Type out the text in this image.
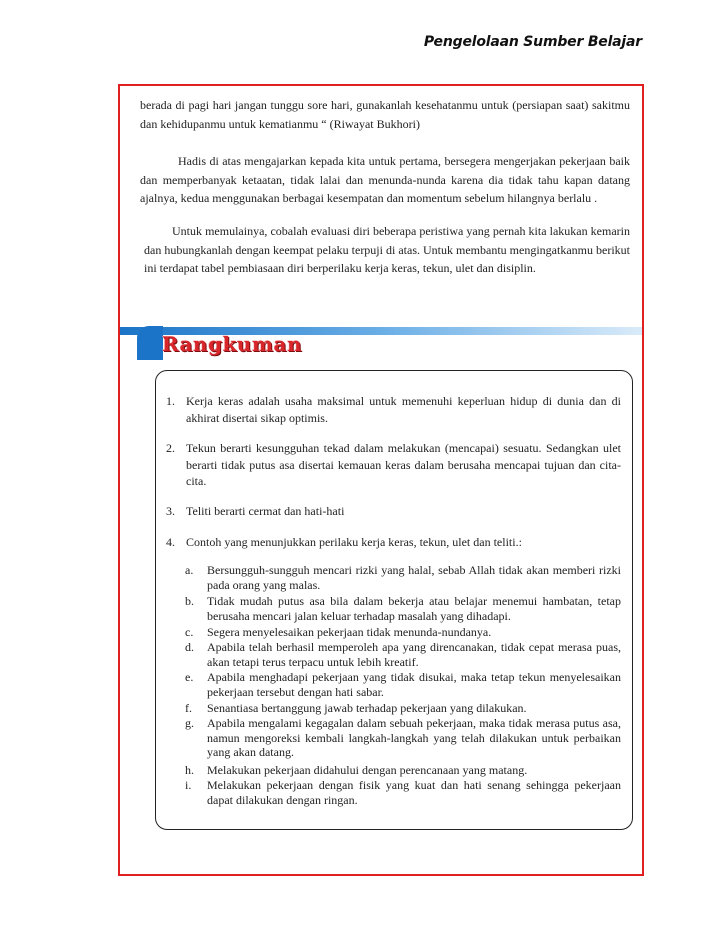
Pengelolaan Sumber Belajar

berada di pagi hari jangan tunggu sore hari, gunakanlah kesehatanmu untuk (persiapan saat) sakitmu dan kehidupanmu untuk kematianmu “ (Riwayat Bukhori)

Hadis di atas mengajarkan kepada kita untuk pertama, bersegera mengerjakan pekerjaan baik dan memperbanyak ketaatan, tidak lalai dan menunda-nunda karena dia tidak tahu kapan datang ajalnya, kedua menggunakan berbagai kesempatan dan momentum sebelum hilangnya berlalu .

Untuk memulainya, cobalah evaluasi diri beberapa peristiwa yang pernah kita lakukan kemarin dan hubungkanlah dengan keempat pelaku terpuji di atas. Untuk membantu mengingatkanmu berikut ini terdapat tabel pembiasaan diri berperilaku kerja keras, tekun, ulet dan disiplin.

Rangkuman
1. Kerja keras adalah usaha maksimal untuk memenuhi keperluan hidup di dunia dan di akhirat disertai sikap optimis.
2. Tekun berarti kesungguhan tekad dalam melakukan (mencapai) sesuatu. Sedangkan ulet berarti tidak putus asa disertai kemauan keras dalam berusaha mencapai tujuan dan cita-cita.
3. Teliti berarti cermat dan hati-hati
4. Contoh yang menunjukkan perilaku kerja keras, tekun, ulet dan teliti.:
a. Bersungguh-sungguh mencari rizki yang halal, sebab Allah tidak akan memberi rizki pada orang yang malas.
b. Tidak mudah putus asa bila dalam bekerja atau belajar menemui hambatan, tetap berusaha mencari jalan keluar terhadap masalah yang dihadapi.
c. Segera menyelesaikan pekerjaan tidak menunda-nundanya.
d. Apabila telah berhasil memperoleh apa yang direncanakan, tidak cepat merasa puas, akan tetapi terus terpacu untuk lebih kreatif.
e. Apabila menghadapi pekerjaan yang tidak disukai, maka tetap tekun menyelesaikan pekerjaan tersebut dengan hati sabar.
f. Senantiasa bertanggung jawab terhadap pekerjaan yang dilakukan.
g. Apabila mengalami kegagalan dalam sebuah pekerjaan, maka tidak merasa putus asa, namun mengoreksi kembali langkah-langkah yang telah dilakukan untuk perbaikan yang akan datang.
h. Melakukan pekerjaan didahului dengan perencanaan yang matang.
i. Melakukan pekerjaan dengan fisik yang kuat dan hati senang sehingga pekerjaan dapat dilakukan dengan ringan.
